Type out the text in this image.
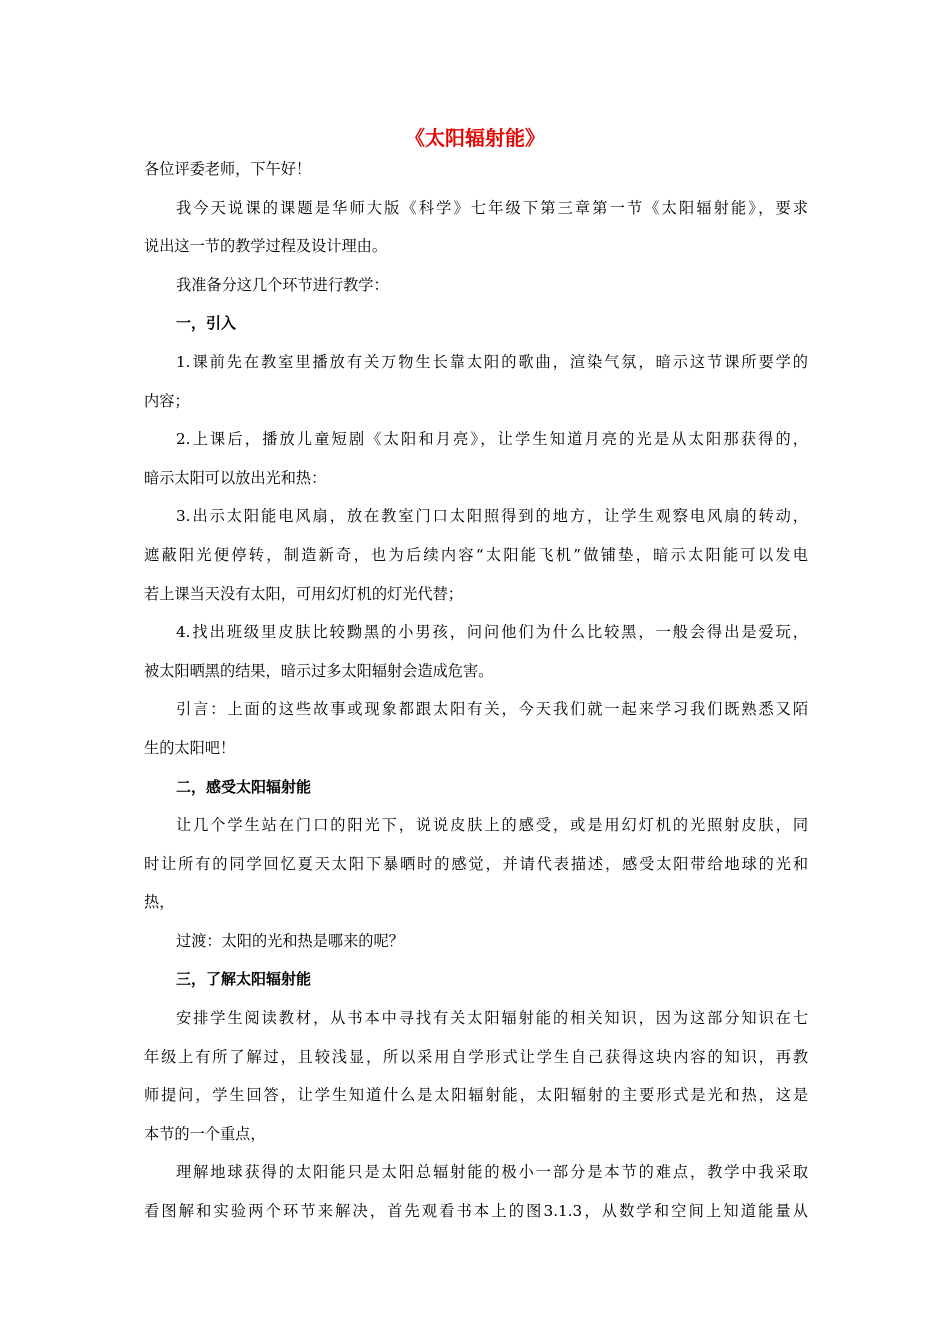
《太阳辐射能》
各位评委老师，下午好！
我今天说课的课题是华师大版《科学》七年级下第三章第一节《太阳辐射能》，要求
说出这一节的教学过程及设计理由。
我准备分这几个环节进行教学：
一，引入
1.课前先在教室里播放有关万物生长靠太阳的歌曲，渲染气氛，暗示这节课所要学的
内容；
2.上课后，播放儿童短剧《太阳和月亮》，让学生知道月亮的光是从太阳那获得的，
暗示太阳可以放出光和热：
3.出示太阳能电风扇，放在教室门口太阳照得到的地方，让学生观察电风扇的转动，
遮蔽阳光便停转，制造新奇，也为后续内容“太阳能飞机”做铺垫，暗示太阳能可以发电
若上课当天没有太阳，可用幻灯机的灯光代替；
4.找出班级里皮肤比较黝黑的小男孩，问问他们为什么比较黑，一般会得出是爱玩，
被太阳晒黑的结果，暗示过多太阳辐射会造成危害。
引言：上面的这些故事或现象都跟太阳有关，今天我们就一起来学习我们既熟悉又陌
生的太阳吧！
二，感受太阳辐射能
让几个学生站在门口的阳光下，说说皮肤上的感受，或是用幻灯机的光照射皮肤，同
时让所有的同学回忆夏天太阳下暴晒时的感觉，并请代表描述，感受太阳带给地球的光和
热，
过渡：太阳的光和热是哪来的呢？
三，了解太阳辐射能
安排学生阅读教材，从书本中寻找有关太阳辐射能的相关知识，因为这部分知识在七
年级上有所了解过，且较浅显，所以采用自学形式让学生自己获得这块内容的知识，再教
师提问，学生回答，让学生知道什么是太阳辐射能，太阳辐射的主要形式是光和热，这是
本节的一个重点，
理解地球获得的太阳能只是太阳总辐射能的极小一部分是本节的难点，教学中我采取
看图解和实验两个环节来解决，首先观看书本上的图3.1.3，从数学和空间上知道能量从
